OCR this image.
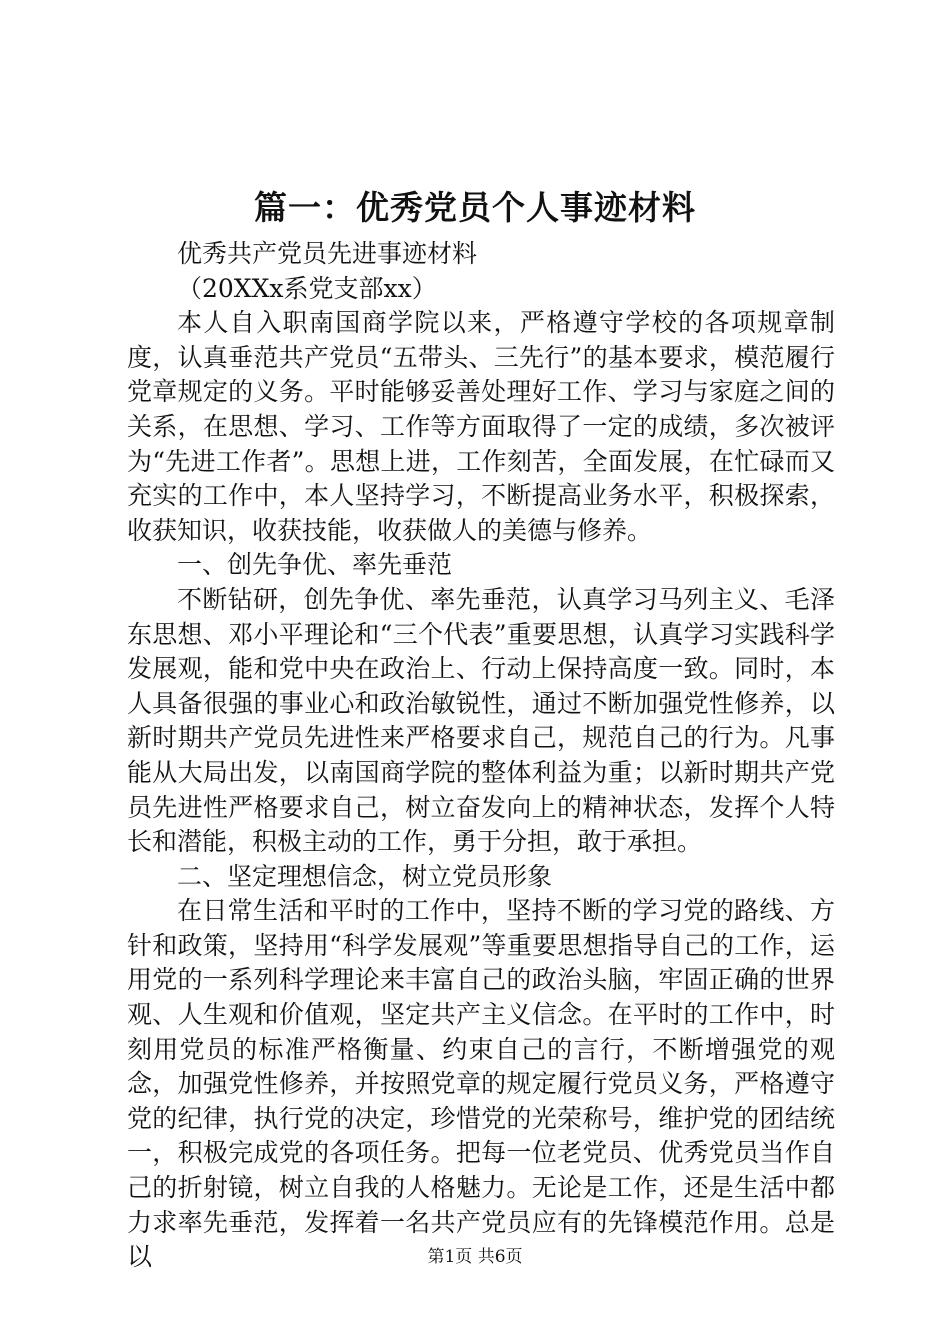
篇一：优秀党员个人事迹材料

优秀共产党员先进事迹材料

（20XXx系党支部xx）

本人自入职南国商学院以来，严格遵守学校的各项规章制度，认真垂范共产党员“五带头、三先行”的基本要求，模范履行党章规定的义务。平时能够妥善处理好工作、学习与家庭之间的关系，在思想、学习、工作等方面取得了一定的成绩，多次被评为“先进工作者”。思想上进，工作刻苦，全面发展，在忙碌而又充实的工作中，本人坚持学习，不断提高业务水平，积极探索，收获知识，收获技能，收获做人的美德与修养。

一、创先争优、率先垂范

不断钻研，创先争优、率先垂范，认真学习马列主义、毛泽东思想、邓小平理论和“三个代表”重要思想，认真学习实践科学发展观，能和党中央在政治上、行动上保持高度一致。同时，本人具备很强的事业心和政治敏锐性，通过不断加强党性修养，以新时期共产党员先进性来严格要求自己，规范自己的行为。凡事能从大局出发，以南国商学院的整体利益为重；以新时期共产党员先进性严格要求自己，树立奋发向上的精神状态，发挥个人特长和潜能，积极主动的工作，勇于分担，敢于承担。

二、坚定理想信念，树立党员形象

在日常生活和平时的工作中，坚持不断的学习党的路线、方针和政策，坚持用“科学发展观”等重要思想指导自己的工作，运用党的一系列科学理论来丰富自己的政治头脑，牢固正确的世界观、人生观和价值观，坚定共产主义信念。在平时的工作中，时刻用党员的标准严格衡量、约束自己的言行，不断增强党的观念，加强党性修养，并按照党章的规定履行党员义务，严格遵守党的纪律，执行党的决定，珍惜党的光荣称号，维护党的团结统一，积极完成党的各项任务。把每一位老党员、优秀党员当作自己的折射镜，树立自我的人格魅力。无论是工作，还是生活中都力求率先垂范，发挥着一名共产党员应有的先锋模范作用。总是以	第1页 共6页
